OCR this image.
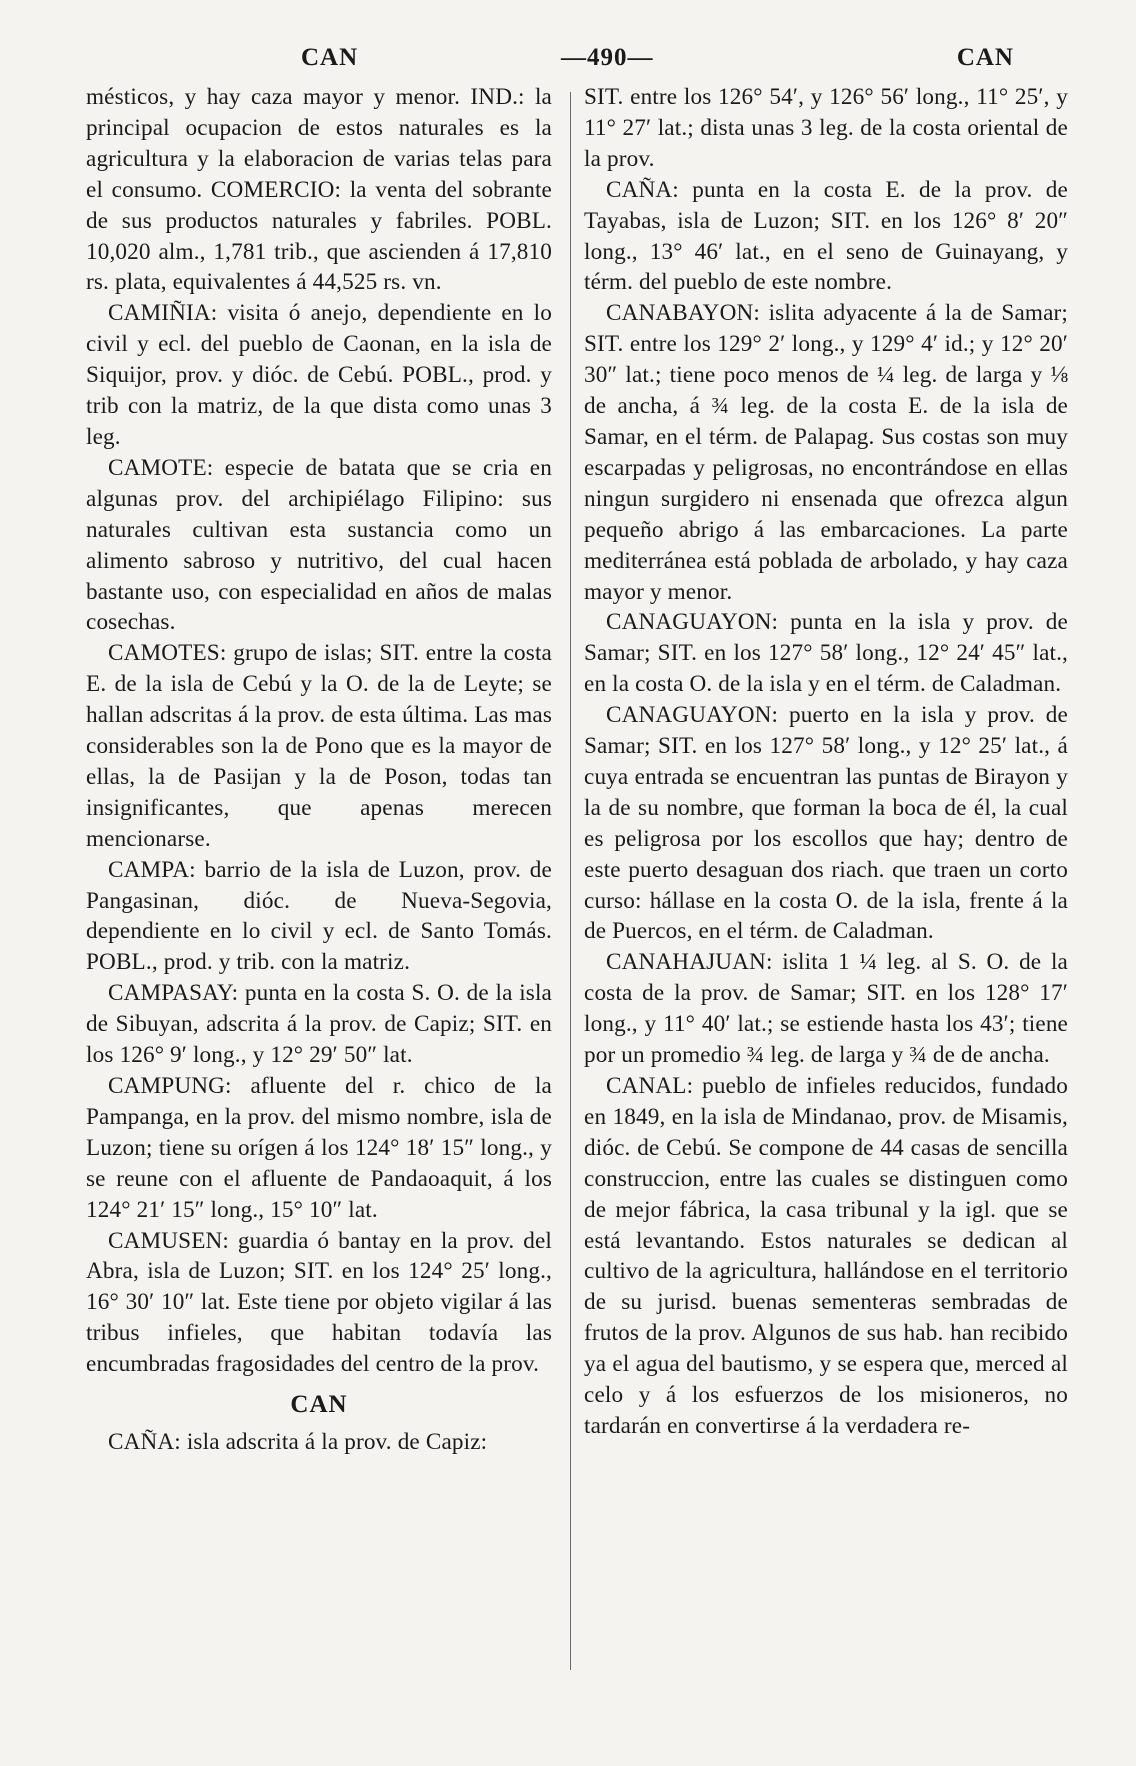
CAN	—490—	CAN

mésticos, y hay caza mayor y menor. IND.: la principal ocupacion de estos naturales es la agricultura y la elaboracion de varias telas para el consumo. COMERCIO: la venta del sobrante de sus productos naturales y fabriles. POBL. 10,020 alm., 1,781 trib., que ascienden á 17,810 rs. plata, equivalentes á 44,525 rs. vn.

CAMIÑIA: visita ó anejo, dependiente en lo civil y ecl. del pueblo de Caonan, en la isla de Siquijor, prov. y dióc. de Cebú. POBL., prod. y trib con la matriz, de la que dista como unas 3 leg.

CAMOTE: especie de batata que se cria en algunas prov. del archipiélago Filipino: sus naturales cultivan esta sustancia como un alimento sabroso y nutritivo, del cual hacen bastante uso, con especialidad en años de malas cosechas.

CAMOTES: grupo de islas; SIT. entre la costa E. de la isla de Cebú y la O. de la de Leyte; se hallan adscritas á la prov. de esta última. Las mas considerables son la de Pono que es la mayor de ellas, la de Pasijan y la de Poson, todas tan insignificantes, que apenas merecen mencionarse.

CAMPA: barrio de la isla de Luzon, prov. de Pangasinan, dióc. de Nueva-Segovia, dependiente en lo civil y ecl. de Santo Tomás. POBL., prod. y trib. con la matriz.

CAMPASAY: punta en la costa S. O. de la isla de Sibuyan, adscrita á la prov. de Capiz; SIT. en los 126° 9′ long., y 12° 29′ 50″ lat.

CAMPUNG: afluente del r. chico de la Pampanga, en la prov. del mismo nombre, isla de Luzon; tiene su orígen á los 124° 18′ 15″ long., y se reune con el afluente de Pandaoaquit, á los 124° 21′ 15″ long., 15° 10″ lat.

CAMUSEN: guardia ó bantay en la prov. del Abra, isla de Luzon; SIT. en los 124° 25′ long., 16° 30′ 10″ lat. Este tiene por objeto vigilar á las tribus infieles, que habitan todavía las encumbradas fragosidades del centro de la prov.

CAN

CAÑA: isla adscrita á la prov. de Capiz:

SIT. entre los 126° 54′, y 126° 56′ long., 11° 25′, y 11° 27′ lat.; dista unas 3 leg. de la costa oriental de la prov.

CAÑA: punta en la costa E. de la prov. de Tayabas, isla de Luzon; SIT. en los 126° 8′ 20″ long., 13° 46′ lat., en el seno de Guinayang, y térm. del pueblo de este nombre.

CANABAYON: islita adyacente á la de Samar; SIT. entre los 129° 2′ long., y 129° 4′ id.; y 12° 20′ 30″ lat.; tiene poco menos de ¼ leg. de larga y ⅛ de ancha, á ¾ leg. de la costa E. de la isla de Samar, en el térm. de Palapag. Sus costas son muy escarpadas y peligrosas, no encontrándose en ellas ningun surgidero ni ensenada que ofrezca algun pequeño abrigo á las embarcaciones. La parte mediterránea está poblada de arbolado, y hay caza mayor y menor.

CANAGUAYON: punta en la isla y prov. de Samar; SIT. en los 127° 58′ long., 12° 24′ 45″ lat., en la costa O. de la isla y en el térm. de Caladman.

CANAGUAYON: puerto en la isla y prov. de Samar; SIT. en los 127° 58′ long., y 12° 25′ lat., á cuya entrada se encuentran las puntas de Birayon y la de su nombre, que forman la boca de él, la cual es peligrosa por los escollos que hay; dentro de este puerto desaguan dos riach. que traen un corto curso: hállase en la costa O. de la isla, frente á la de Puercos, en el térm. de Caladman.

CANAHAJUAN: islita 1 ¼ leg. al S. O. de la costa de la prov. de Samar; SIT. en los 128° 17′ long., y 11° 40′ lat.; se estiende hasta los 43′; tiene por un promedio ¾ leg. de larga y ¾ de de ancha.

CANAL: pueblo de infieles reducidos, fundado en 1849, en la isla de Mindanao, prov. de Misamis, dióc. de Cebú. Se compone de 44 casas de sencilla construccion, entre las cuales se distinguen como de mejor fábrica, la casa tribunal y la igl. que se está levantando. Estos naturales se dedican al cultivo de la agricultura, hallándose en el territorio de su jurisd. buenas sementeras sembradas de frutos de la prov. Algunos de sus hab. han recibido ya el agua del bautismo, y se espera que, merced al celo y á los esfuerzos de los misioneros, no tardarán en convertirse á la verdadera re-
